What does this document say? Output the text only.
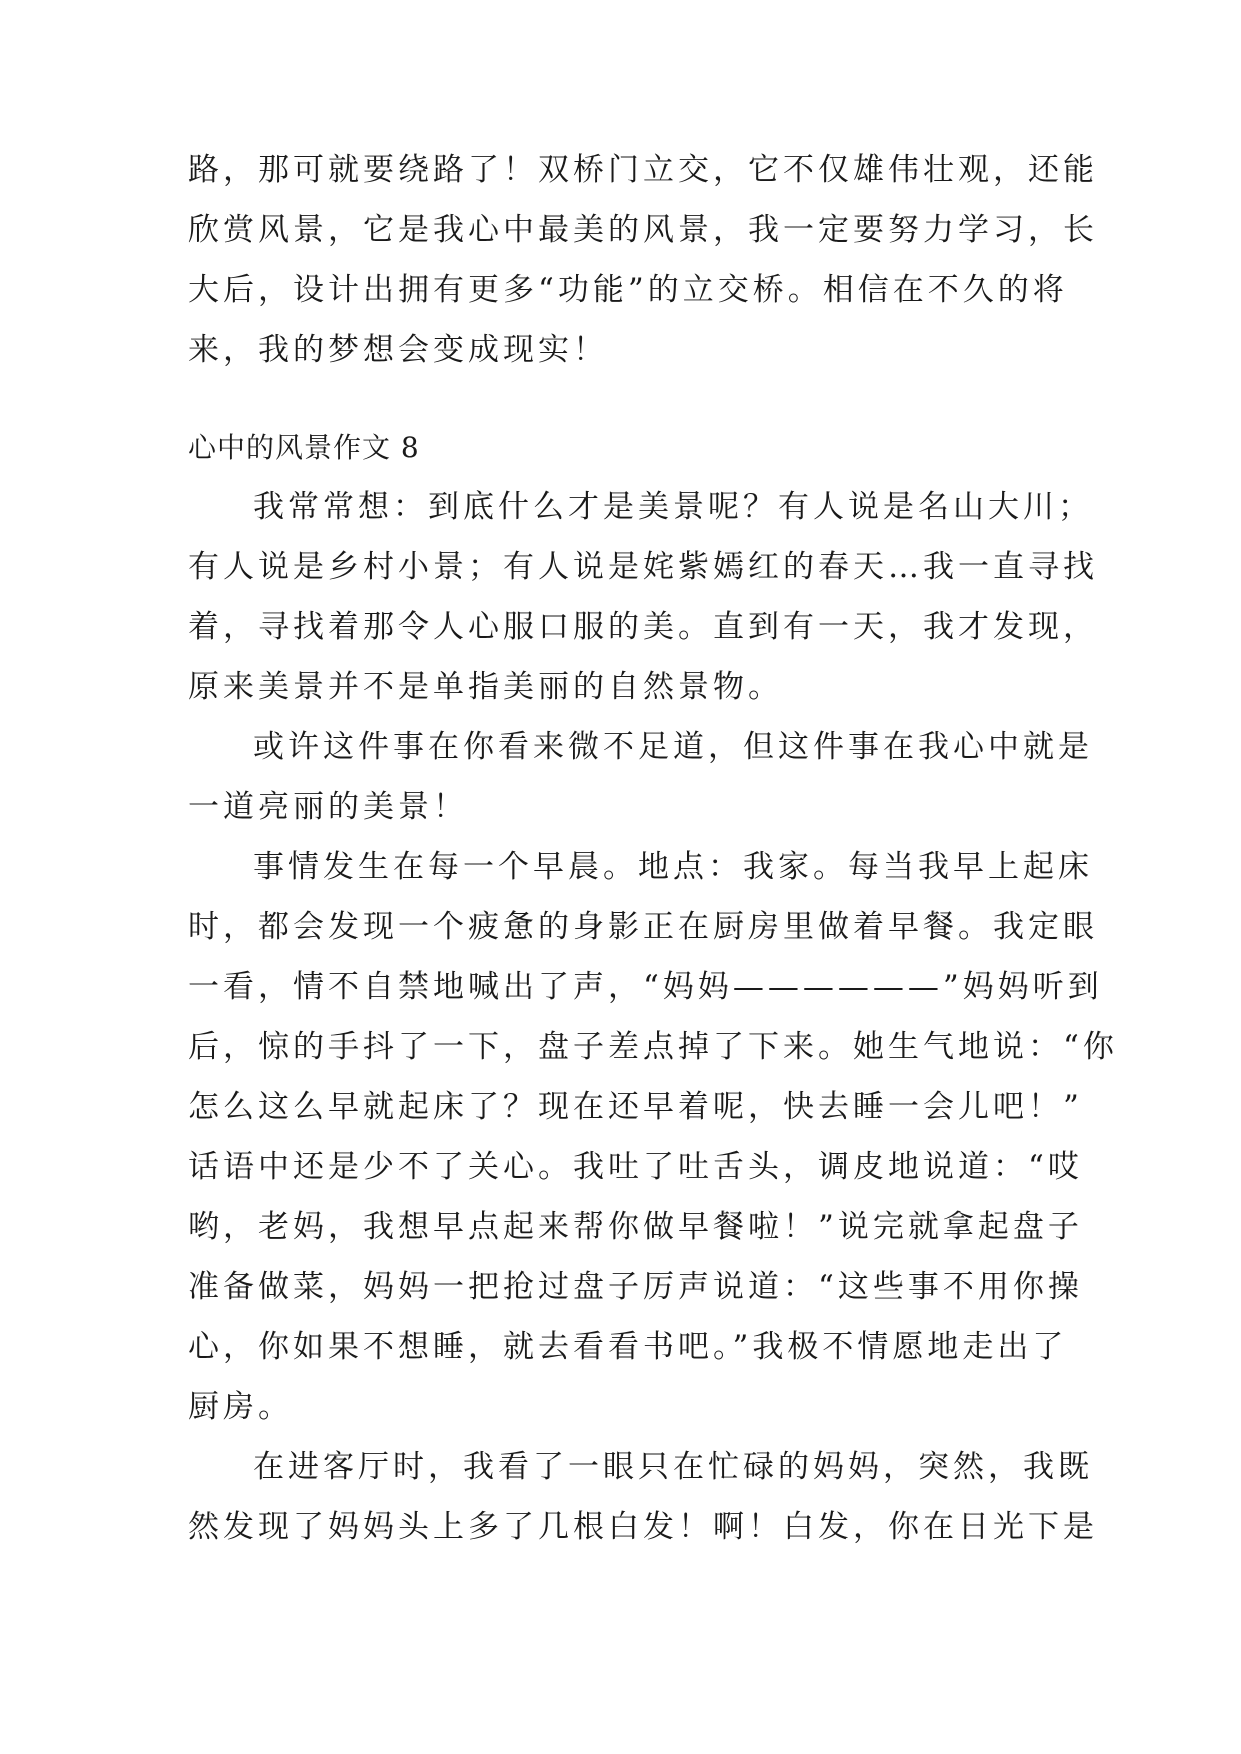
路，那可就要绕路了！双桥门立交，它不仅雄伟壮观，还能
欣赏风景，它是我心中最美的风景，我一定要努力学习，长
大后，设计出拥有更多“功能”的立交桥。相信在不久的将
来，我的梦想会变成现实！
心中的风景作文 8
我常常想：到底什么才是美景呢？有人说是名山大川；
有人说是乡村小景；有人说是姹紫嫣红的春天…我一直寻找
着，寻找着那令人心服口服的美。直到有一天，我才发现，
原来美景并不是单指美丽的自然景物。
或许这件事在你看来微不足道，但这件事在我心中就是
一道亮丽的美景！
事情发生在每一个早晨。地点：我家。每当我早上起床
时，都会发现一个疲惫的身影正在厨房里做着早餐。我定眼
一看，情不自禁地喊出了声，“妈妈——————”妈妈听到
后，惊的手抖了一下，盘子差点掉了下来。她生气地说：“你
怎么这么早就起床了？现在还早着呢，快去睡一会儿吧！”
话语中还是少不了关心。我吐了吐舌头，调皮地说道：“哎
哟，老妈，我想早点起来帮你做早餐啦！”说完就拿起盘子
准备做菜，妈妈一把抢过盘子厉声说道：“这些事不用你操
心，你如果不想睡，就去看看书吧。”我极不情愿地走出了
厨房。
在进客厅时，我看了一眼只在忙碌的妈妈，突然，我既
然发现了妈妈头上多了几根白发！啊！白发，你在日光下是
